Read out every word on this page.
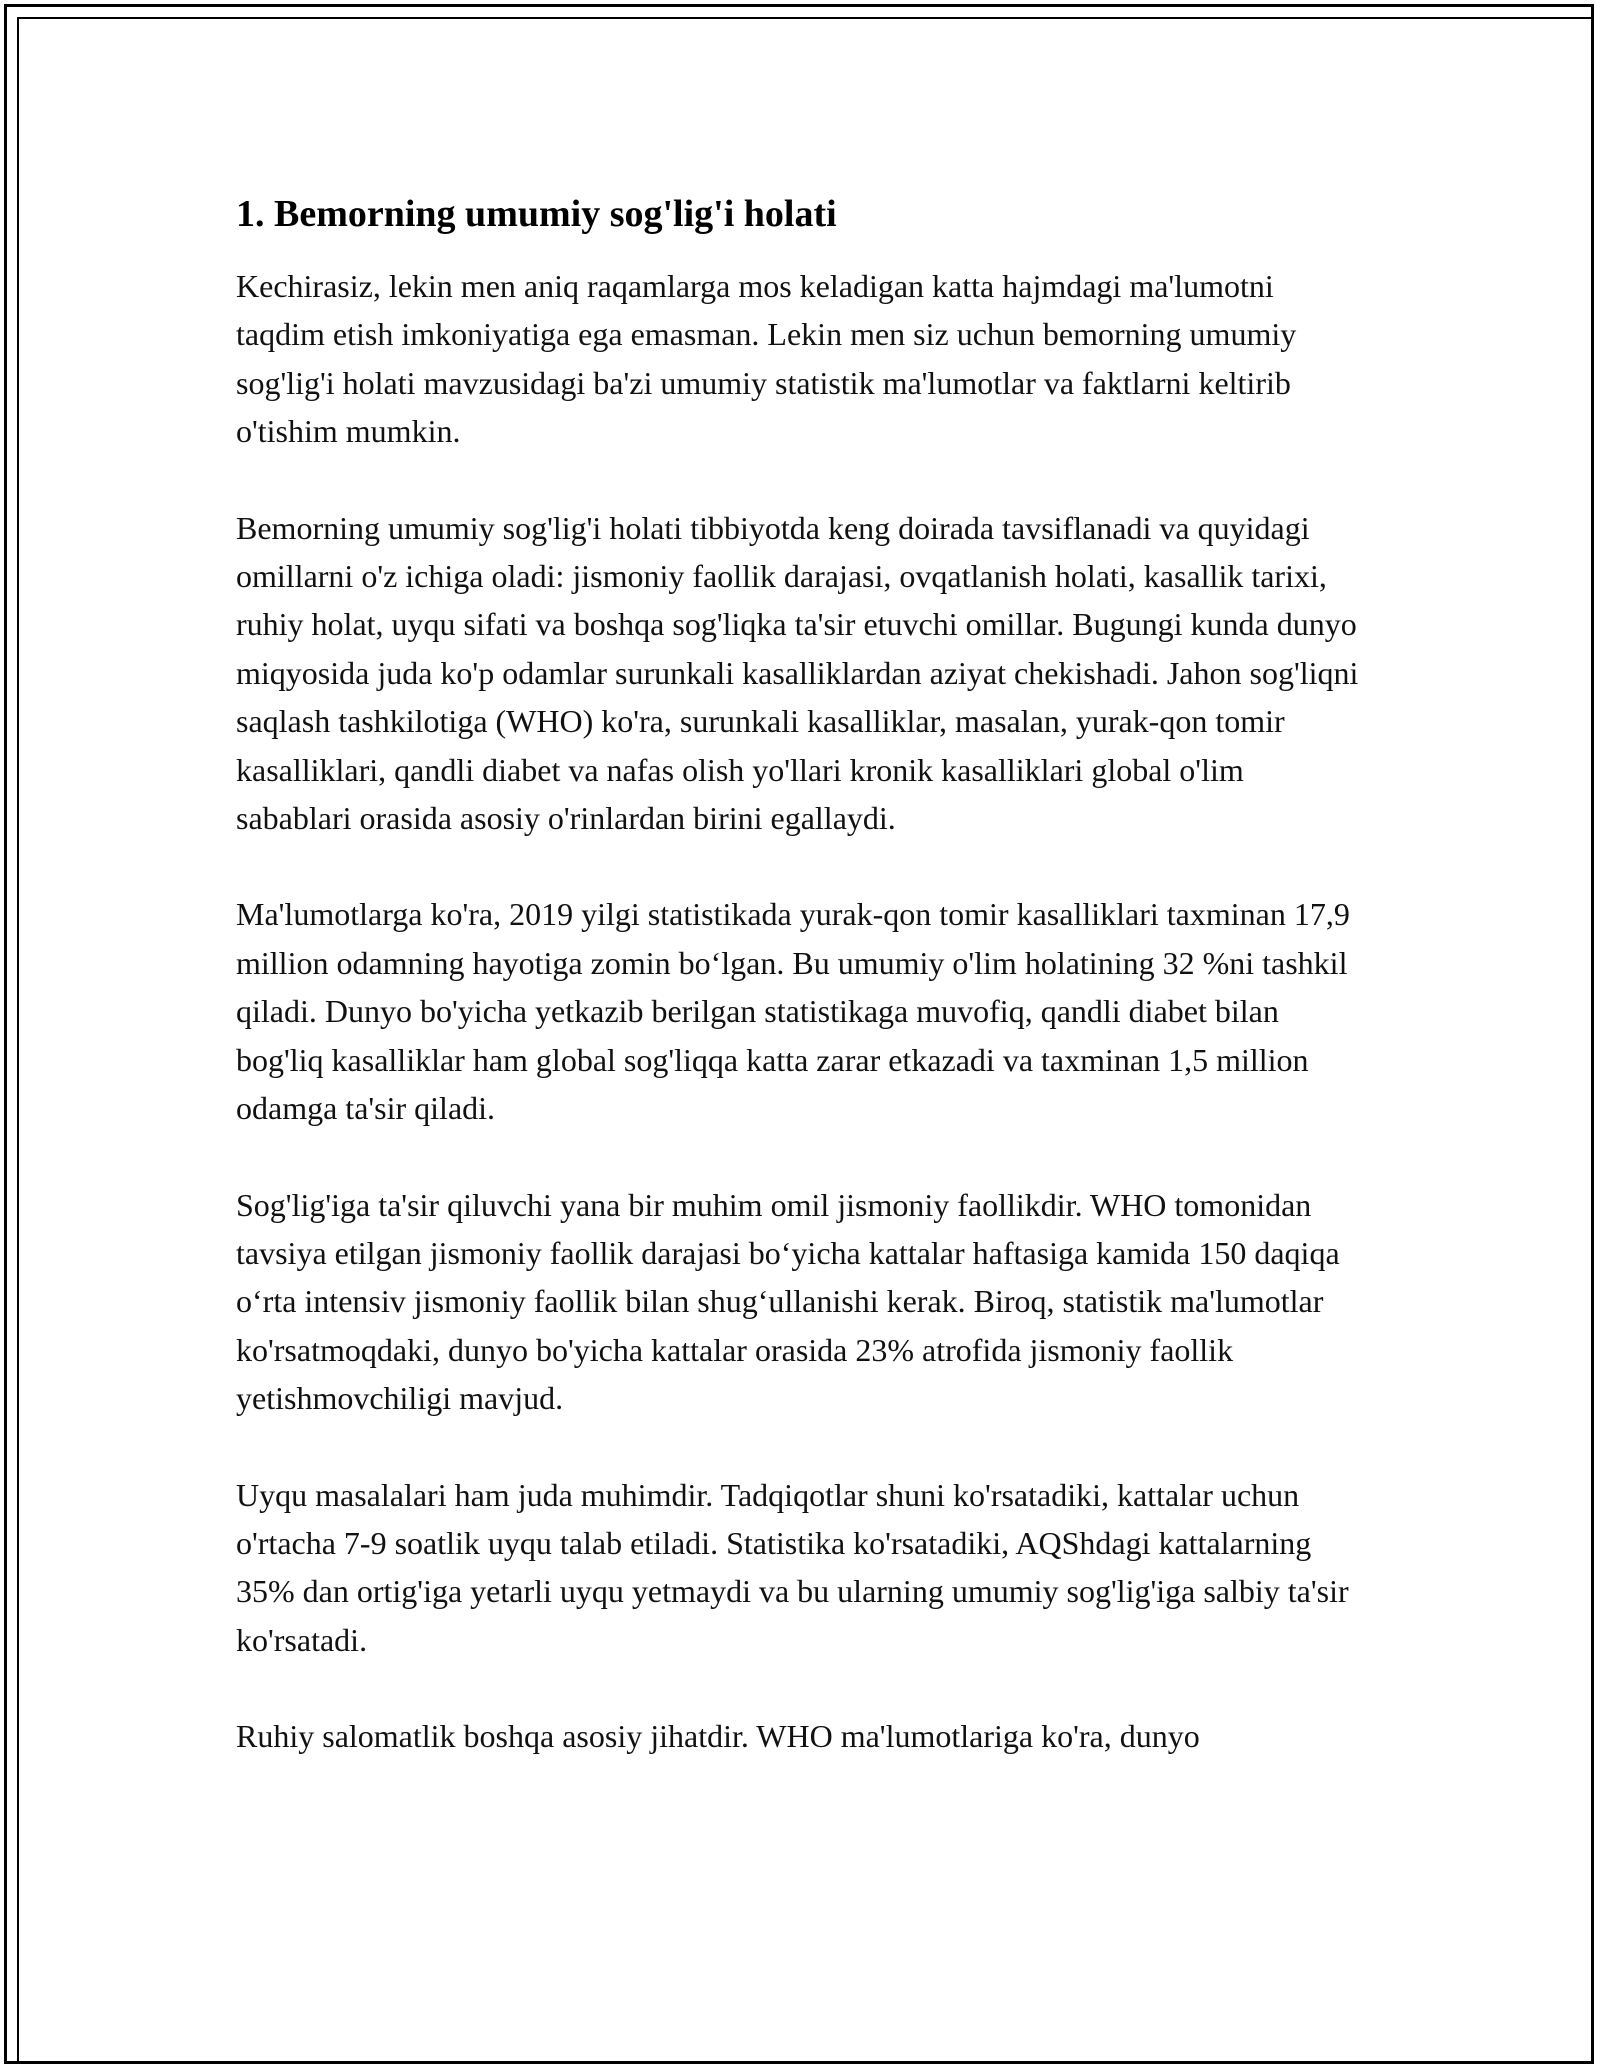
1. Bemorning umumiy sog'lig'i holati

Kechirasiz, lekin men aniq raqamlarga mos keladigan katta hajmdagi ma'lumotni taqdim etish imkoniyatiga ega emasman. Lekin men siz uchun bemorning umumiy sog'lig'i holati mavzusidagi ba'zi umumiy statistik ma'lumotlar va faktlarni keltirib o'tishim mumkin.

Bemorning umumiy sog'lig'i holati tibbiyotda keng doirada tavsiflanadi va quyidagi omillarni o'z ichiga oladi: jismoniy faollik darajasi, ovqatlanish holati, kasallik tarixi, ruhiy holat, uyqu sifati va boshqa sog'liqka ta'sir etuvchi omillar. Bugungi kunda dunyo miqyosida juda ko'p odamlar surunkali kasalliklardan aziyat chekishadi. Jahon sog'liqni saqlash tashkilotiga (WHO) ko'ra, surunkali kasalliklar, masalan, yurak-qon tomir kasalliklari, qandli diabet va nafas olish yo'llari kronik kasalliklari global o'lim sabablari orasida asosiy o'rinlardan birini egallaydi.

Ma'lumotlarga ko'ra, 2019 yilgi statistikada yurak-qon tomir kasalliklari taxminan 17,9 million odamning hayotiga zomin bo‘lgan. Bu umumiy o'lim holatining 32 %ni tashkil qiladi. Dunyo bo'yicha yetkazib berilgan statistikaga muvofiq, qandli diabet bilan bog'liq kasalliklar ham global sog'liqqa katta zarar etkazadi va taxminan 1,5 million odamga ta'sir qiladi.

Sog'lig'iga ta'sir qiluvchi yana bir muhim omil jismoniy faollikdir. WHO tomonidan tavsiya etilgan jismoniy faollik darajasi bo‘yicha kattalar haftasiga kamida 150 daqiqa o‘rta intensiv jismoniy faollik bilan shug‘ullanishi kerak. Biroq, statistik ma'lumotlar ko'rsatmoqdaki, dunyo bo'yicha kattalar orasida 23% atrofida jismoniy faollik yetishmovchiligi mavjud.

Uyqu masalalari ham juda muhimdir. Tadqiqotlar shuni ko'rsatadiki, kattalar uchun o'rtacha 7-9 soatlik uyqu talab etiladi. Statistika ko'rsatadiki, AQShdagi kattalarning 35% dan ortig'iga yetarli uyqu yetmaydi va bu ularning umumiy sog'lig'iga salbiy ta'sir ko'rsatadi.

Ruhiy salomatlik boshqa asosiy jihatdir. WHO ma'lumotlariga ko'ra, dunyo
